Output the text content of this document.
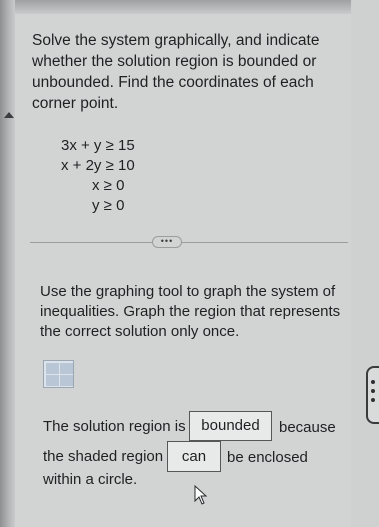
Solve the system graphically, and indicate
whether the solution region is bounded or
unbounded. Find the coordinates of each
corner point.
3x + y ≥ 15
x + 2y ≥ 10
x ≥ 0
y ≥ 0
•••
Use the graphing tool to graph the system of
inequalities. Graph the region that represents
the correct solution only once.
The solution region is	bounded	because
the shaded region	can	be enclosed
within a circle.
